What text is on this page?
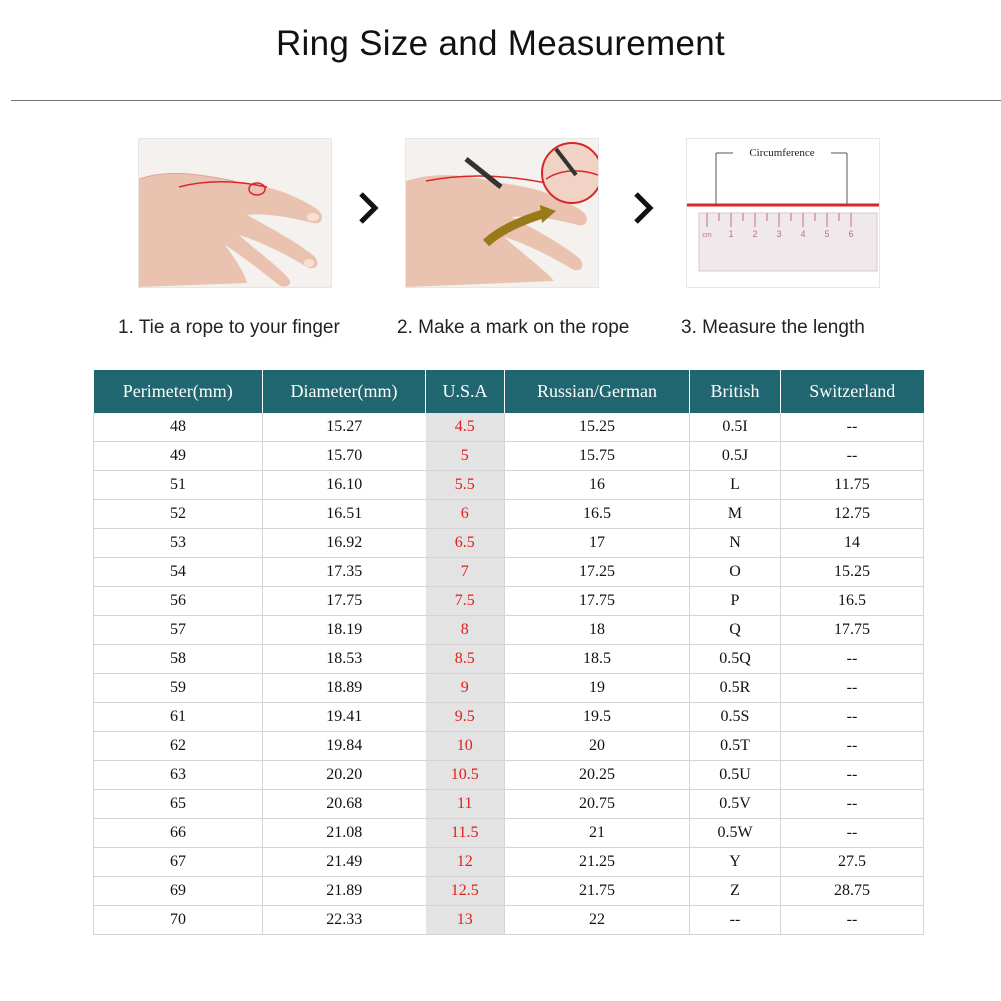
Ring Size and Measurement
Circumference
1 2 3 4 5 6
cm
1. Tie a rope to your finger	2. Make a mark on the rope	3. Measure the length
Perimeter(mm)	Diameter(mm)	U.S.A	Russian/German	British	Switzerland
48	15.27	4.5	15.25	0.5I	--
49	15.70	5	15.75	0.5J	--
51	16.10	5.5	16	L	11.75
52	16.51	6	16.5	M	12.75
53	16.92	6.5	17	N	14
54	17.35	7	17.25	O	15.25
56	17.75	7.5	17.75	P	16.5
57	18.19	8	18	Q	17.75
58	18.53	8.5	18.5	0.5Q	--
59	18.89	9	19	0.5R	--
61	19.41	9.5	19.5	0.5S	--
62	19.84	10	20	0.5T	--
63	20.20	10.5	20.25	0.5U	--
65	20.68	11	20.75	0.5V	--
66	21.08	11.5	21	0.5W	--
67	21.49	12	21.25	Y	27.5
69	21.89	12.5	21.75	Z	28.75
70	22.33	13	22	--	--
